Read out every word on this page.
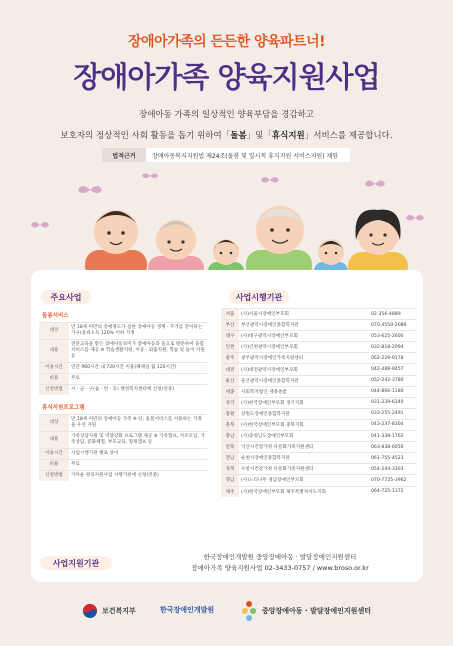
장애아가족의 든든한 양육파트너!
장애아가족 양육지원사업
장애아동 가족의 일상적인 양육부담을 경감하고
보호자의 정상적인 사회 활동을 돕기 위하여「돌봄」및「휴식지원」서비스를 제공합니다.
법적근거	장애아동복지지원법 제24조(돌봄 및 일시적 휴식지원 서비스지원) 제항
주요사업	사업시행기관
돌봄서비스
대상	만 18세 미만의 장애정도가 심한 장애아동 생계 · 주거를 같이하는 가구(중위소득 120% 이하 가정
내용	전문교육을 받은 장애아동보미가 장애아동과 돌으로 방문하여 돌봄 서비스를 제공 ※ 학습생활지원, 이동 · 외출지원, 학습 및 놀이 지원 등
이용시간	연간 960시간 내 720시간 이용(해제일 월 120시간)
비용	무료
신청방법	시 · 군 · 구(읍 · 면 · 동) 행정복지센터에 신청(연중)
휴식지원프로그램
대상	만 18세 미만의 장애아동 가족 ※ 단, 돌봄서비스를 이용하는 가정을 우선 지원
내용	가족상담지원 및 역량강화 프로그램 제공 ※ 가족캠프, 자조모임, 가족상담, 문화체험, 부모교육, 형제캠프 등
이용시간	사업시행기관 별로 상이
비용	무료
신청방법	가까운 양육지원사업 시행기관에 신청(연중)
서울	(사)서울시장애인부모회	02-356-4889
부산	부산광역시장애인종합복지관	070-4550-2089
대구	(사)대구광역시장애인부모회	053-625-2600
인천	(사)인천광역시장애인부모회	032-818-2094
광주	광주광역시장애인가족지원센터	062-229-9178
대전	(사)대전광역시장애인부모회	042-488-9457
울산	울산광역시장애인종합복지관	052-242-3780
세종	사회복지법인 세종솔밭	044-866-1180
경기	(사)한국장애인부모회 경기지회	031-239-6340
강원	강원도장애인종합복지관	033-255-2491
충북	(사)한국장애인부모회 충북지회	043-237-8304
충남	(사)충청남도장애인부모회	041-338-1762
전북	익산시건강가정 다문화가족지원센터	063-838-6050
전남	순천시장애인종합복지관	061-755-4523
경북	포항시건강가정 다문화가족지원센터	054-244-3303
경남	(사)느티나무 경남장애인부모회	070-7725-3962
제주	(사)한국장애인부모회 제주특별자치도지회	064-725-1372
사업지원기관
한국장애인개발원 중앙장애아동 · 발달장애인지원센터
장애아가족 양육지원사업 02-3433-0757 / www.broso.or.kr
보건복지부	한국장애인개발원	중앙장애아동 · 발달장애인지원센터
